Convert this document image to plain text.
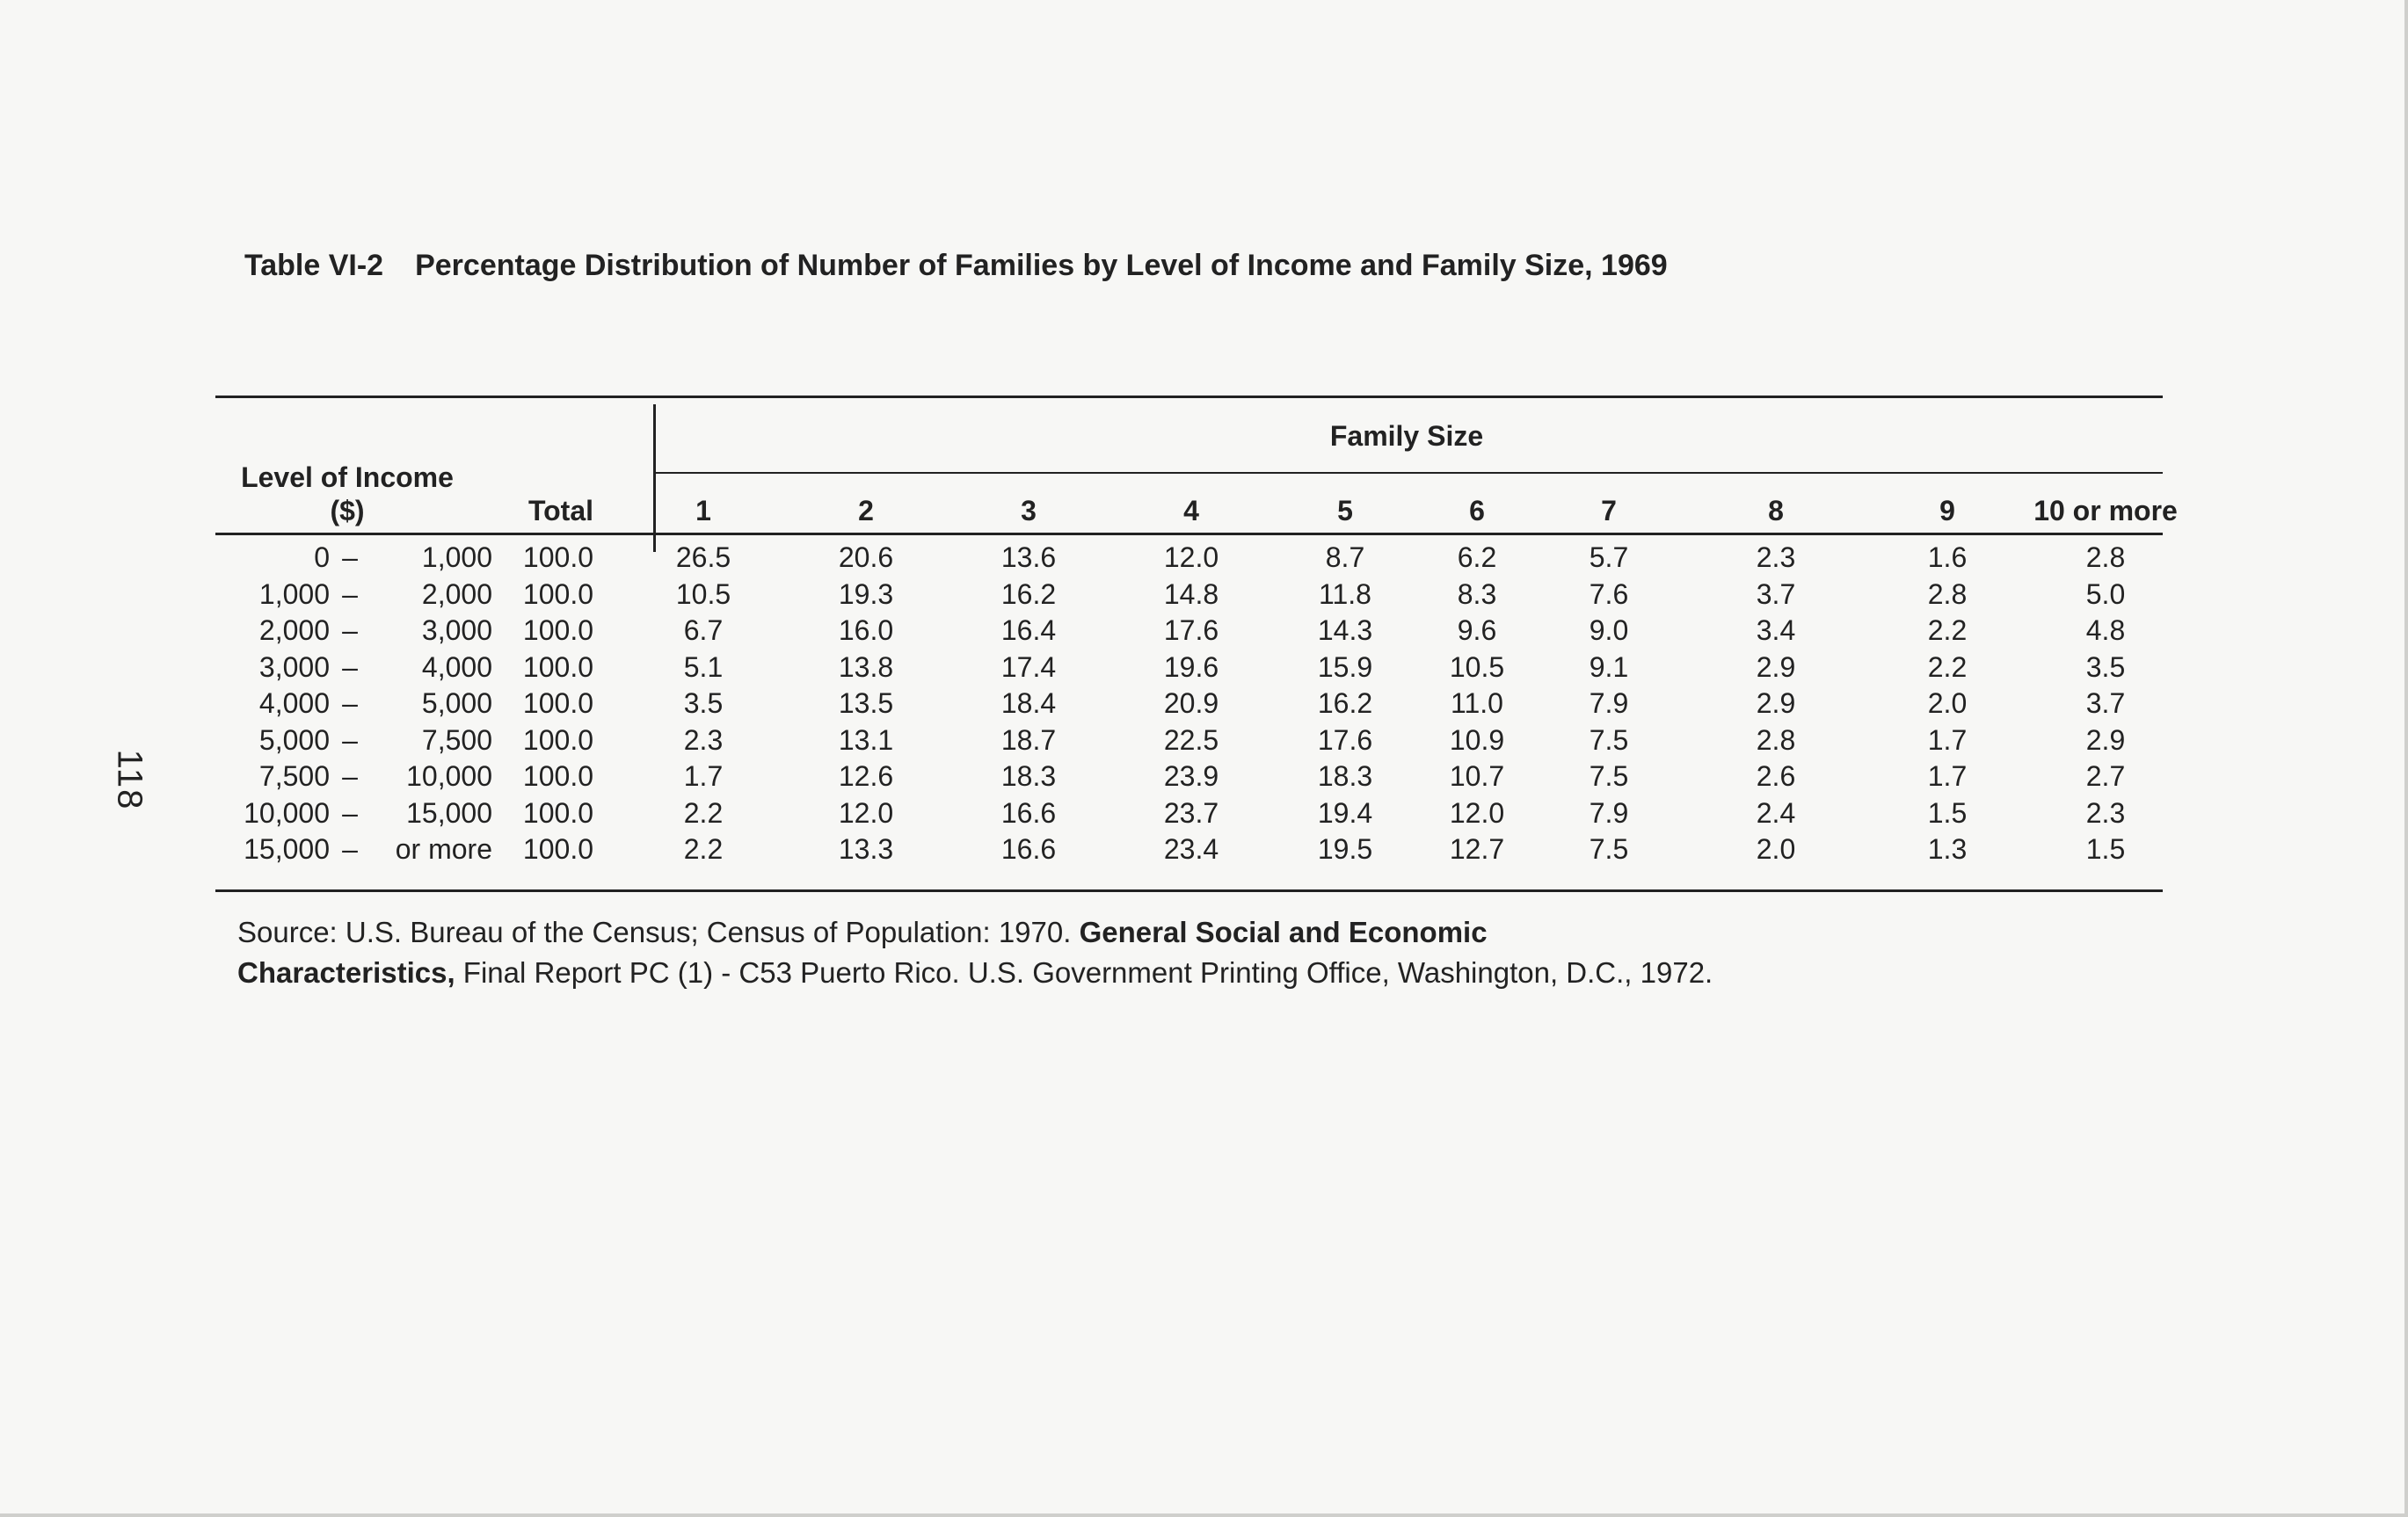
118
Table VI-2 Percentage Distribution of Number of Families by Level of Income and Family Size, 1969
Level of Income
($)	Total
Family Size
1	2	3	4	5	6	7	8	9	10 or more
0 –	1,000	100.0	26.5	20.6	13.6	12.0	8.7	6.2	5.7	2.3	1.6	2.8
1,000 –	2,000	100.0	10.5	19.3	16.2	14.8	11.8	8.3	7.6	3.7	2.8	5.0
2,000 –	3,000	100.0	6.7	16.0	16.4	17.6	14.3	9.6	9.0	3.4	2.2	4.8
3,000 –	4,000	100.0	5.1	13.8	17.4	19.6	15.9	10.5	9.1	2.9	2.2	3.5
4,000 –	5,000	100.0	3.5	13.5	18.4	20.9	16.2	11.0	7.9	2.9	2.0	3.7
5,000 –	7,500	100.0	2.3	13.1	18.7	22.5	17.6	10.9	7.5	2.8	1.7	2.9
7,500 –	10,000	100.0	1.7	12.6	18.3	23.9	18.3	10.7	7.5	2.6	1.7	2.7
10,000 –	15,000	100.0	2.2	12.0	16.6	23.7	19.4	12.0	7.9	2.4	1.5	2.3
15,000 –	or more	100.0	2.2	13.3	16.6	23.4	19.5	12.7	7.5	2.0	1.3	1.5
Source: U.S. Bureau of the Census; Census of Population: 1970. General Social and Economic
Characteristics, Final Report PC (1) - C53 Puerto Rico. U.S. Government Printing Office, Washington, D.C., 1972.
